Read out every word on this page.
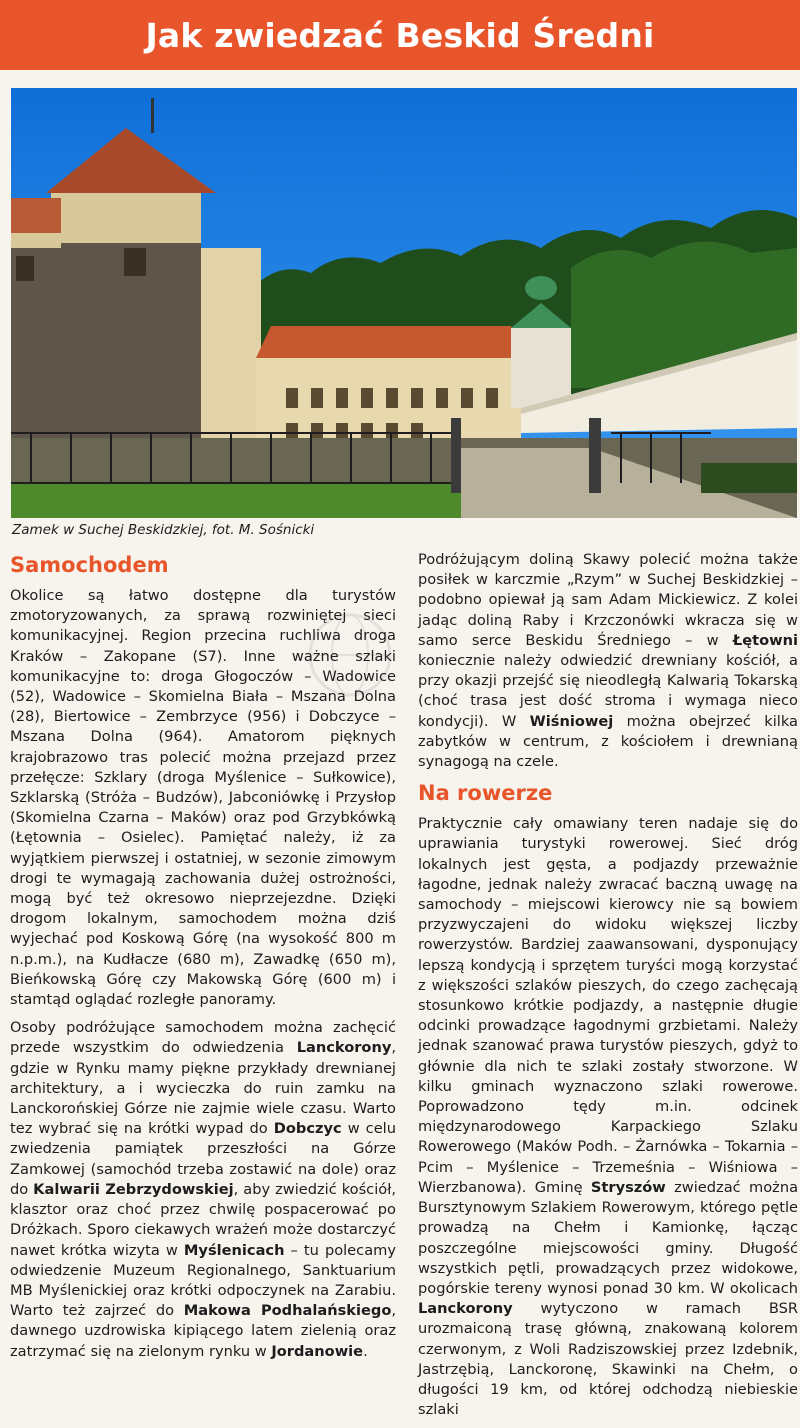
Jak zwiedzać Beskid Średni
Zamek w Suchej Beskidzkiej, fot. M. Sośnicki
Samochodem

Okolice są łatwo dostępne dla turystów zmotoryzowanych, za sprawą rozwiniętej sieci komunikacyjnej. Region przecina ruchliwa droga Kraków – Zakopane (S7). Inne ważne szlaki komunikacyjne to: droga Głogoczów – Wadowice (52), Wadowice – Skomielna Biała – Mszana Dolna (28), Biertowice – Zembrzyce (956) i Dobczyce – Mszana Dolna (964). Amatorom pięknych krajobrazowo tras polecić można przejazd przez przełęcze: Szklary (droga Myślenice – Sułkowice), Szklarską (Stróża – Budzów), Jabconiówkę i Przysłop (Skomielna Czarna – Maków) oraz pod Grzybkówką (Łętownia – Osielec). Pamiętać należy, iż za wyjątkiem pierwszej i ostatniej, w sezonie zimowym drogi te wymagają zachowania dużej ostrożności, mogą być też okresowo nieprzejezdne. Dzięki drogom lokalnym, samochodem można dziś wyjechać pod Koskową Górę (na wysokość 800 m n.p.m.), na Kudłacze (680 m), Zawadkę (650 m), Bieńkowską Górę czy Makowską Górę (600 m) i stamtąd oglądać rozległe panoramy.

Osoby podróżujące samochodem można zachęcić przede wszystkim do odwiedzenia Lanckorony, gdzie w Rynku mamy piękne przykłady drewnianej architektury, a i wycieczka do ruin zamku na Lanckorońskiej Górze nie zajmie wiele czasu. Warto tez wybrać się na krótki wypad do Dobczyc w celu zwiedzenia pamiątek przeszłości na Górze Zamkowej (samochód trzeba zostawić na dole) oraz do Kalwarii Zebrzydowskiej, aby zwiedzić kościół, klasztor oraz choć przez chwilę pospacerować po Dróżkach. Sporo ciekawych wrażeń może dostarczyć nawet krótka wizyta w Myślenicach – tu polecamy odwiedzenie Muzeum Regionalnego, Sanktuarium MB Myślenickiej oraz krótki odpoczynek na Zarabiu. Warto też zajrzeć do Makowa Podhalańskiego, dawnego uzdrowiska kipiącego latem zielenią oraz zatrzymać się na zielonym rynku w Jordanowie.

Podróżującym doliną Skawy polecić można także posiłek w karczmie „Rzym” w Suchej Beskidzkiej – podobno opiewał ją sam Adam Mickiewicz. Z kolei jadąc doliną Raby i Krzczonówki wkracza się w samo serce Beskidu Średniego – w Łętowni koniecznie należy odwiedzić drewniany kościół, a przy okazji przejść się nieodległą Kalwarią Tokarską (choć trasa jest dość stroma i wymaga nieco kondycji). W Wiśniowej można obejrzeć kilka zabytków w centrum, z kościołem i drewnianą synagogą na czele.

Na rowerze

Praktycznie cały omawiany teren nadaje się do uprawiania turystyki rowerowej. Sieć dróg lokalnych jest gęsta, a podjazdy przeważnie łagodne, jednak należy zwracać baczną uwagę na samochody – miejscowi kierowcy nie są bowiem przyzwyczajeni do widoku większej liczby rowerzystów. Bardziej zaawansowani, dysponujący lepszą kondycją i sprzętem turyści mogą korzystać z większości szlaków pieszych, do czego zachęcają stosunkowo krótkie podjazdy, a następnie długie odcinki prowadzące łagodnymi grzbietami. Należy jednak szanować prawa turystów pieszych, gdyż to głównie dla nich te szlaki zostały stworzone. W kilku gminach wyznaczono szlaki rowerowe. Poprowadzono tędy m.in. odcinek międzynarodowego Karpackiego Szlaku Rowerowego (Maków Podh. – Żarnówka – Tokarnia – Pcim – Myślenice – Trzemeśnia – Wiśniowa – Wierzbanowa). Gminę Stryszów zwiedzać można Bursztynowym Szlakiem Rowerowym, którego pętle prowadzą na Chełm i Kamionkę, łącząc poszczególne miejscowości gminy. Długość wszystkich pętli, prowadzących przez widokowe, pogórskie tereny wynosi ponad 30 km. W okolicach Lanckorony wytyczono w ramach BSR urozmaiconą trasę główną, znakowaną kolorem czerwonym, z Woli Radziszowskiej przez Izdebnik, Jastrzębią, Lanckoronę, Skawinki na Chełm, o długości 19 km, od której odchodzą niebieskie szlaki
